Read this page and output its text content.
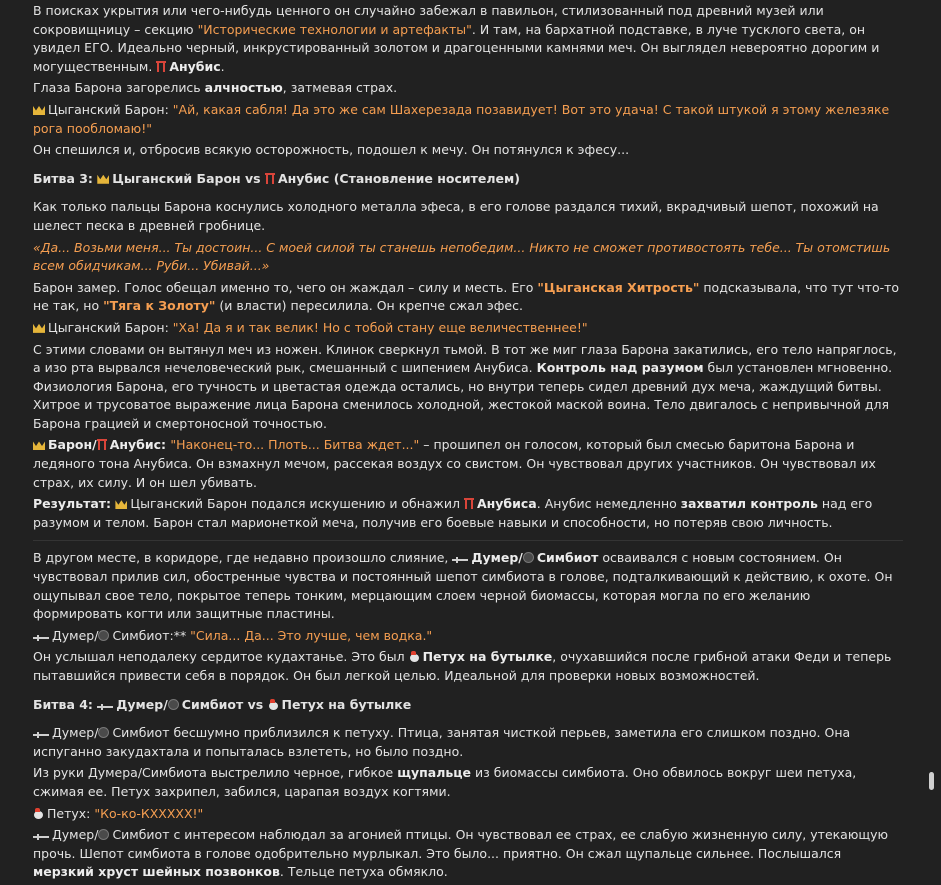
В поисках укрытия или чего-нибудь ценного он случайно забежал в павильон, стилизованный под древний музей или сокровищницу – секцию "Исторические технологии и артефакты". И там, на бархатной подставке, в луче тусклого света, он увидел ЕГО. Идеально черный, инкрустированный золотом и драгоценными камнями меч. Он выглядел невероятно дорогим и могущественным. Анубис.

Глаза Барона загорелись алчностью, затмевая страх.

Цыганский Барон: "Ай, какая сабля! Да это же сам Шахерезада позавидует! Вот это удача! С такой штукой я этому железяке рога пообломаю!"

Он спешился и, отбросив всякую осторожность, подошел к мечу. Он потянулся к эфесу...

Битва 3: Цыганский Барон vs Анубис (Становление носителем)

Как только пальцы Барона коснулись холодного металла эфеса, в его голове раздался тихий, вкрадчивый шепот, похожий на шелест песка в древней гробнице.

«Да... Возьми меня... Ты достоин... С моей силой ты станешь непобедим... Никто не сможет противостоять тебе... Ты отомстишь всем обидчикам... Руби... Убивай...»

Барон замер. Голос обещал именно то, чего он жаждал – силу и месть. Его "Цыганская Хитрость" подсказывала, что тут что-то не так, но "Тяга к Золоту" (и власти) пересилила. Он крепче сжал эфес.

Цыганский Барон: "Ха! Да я и так велик! Но с тобой стану еще величественнее!"

С этими словами он вытянул меч из ножен. Клинок сверкнул тьмой. В тот же миг глаза Барона закатились, его тело напряглось, а изо рта вырвался нечеловеческий рык, смешанный с шипением Анубиса. Контроль над разумом был установлен мгновенно. Физиология Барона, его тучность и цветастая одежда остались, но внутри теперь сидел древний дух меча, жаждущий битвы. Хитрое и трусоватое выражение лица Барона сменилось холодной, жестокой маской воина. Тело двигалось с непривычной для Барона грацией и смертоносной точностью.

Барон/ Анубис: "Наконец-то... Плоть... Битва ждет..." – прошипел он голосом, который был смесью баритона Барона и ледяного тона Анубиса. Он взмахнул мечом, рассекая воздух со свистом. Он чувствовал других участников. Он чувствовал их страх, их силу. И он шел убивать.

Результат: Цыганский Барон подался искушению и обнажил Анубиса. Анубис немедленно захватил контроль над его разумом и телом. Барон стал марионеткой меча, получив его боевые навыки и способности, но потеряв свою личность.

В другом месте, в коридоре, где недавно произошло слияние, Думер/ Симбиот осваивался с новым состоянием. Он чувствовал прилив сил, обостренные чувства и постоянный шепот симбиота в голове, подталкивающий к действию, к охоте. Он ощупывал свое тело, покрытое теперь тонким, мерцающим слоем черной биомассы, которая могла по его желанию формировать когти или защитные пластины.

Думер/ Симбиот:** "Сила... Да... Это лучше, чем водка."

Он услышал неподалеку сердитое кудахтанье. Это был Петух на бутылке, очухавшийся после грибной атаки Феди и теперь пытавшийся привести себя в порядок. Он был легкой целью. Идеальной для проверки новых возможностей.

Битва 4: Думер/ Симбиот vs Петух на бутылке

Думер/ Симбиот бесшумно приблизился к петуху. Птица, занятая чисткой перьев, заметила его слишком поздно. Она испуганно закудахтала и попыталась взлететь, но было поздно.

Из руки Думера/Симбиота выстрелило черное, гибкое щупальце из биомассы симбиота. Оно обвилось вокруг шеи петуха, сжимая ее. Петух захрипел, забился, царапая воздух когтями.

Петух: "Ко-ко-КХХХХХ!"

Думер/ Симбиот с интересом наблюдал за агонией птицы. Он чувствовал ее страх, ее слабую жизненную силу, утекающую прочь. Шепот симбиота в голове одобрительно мурлыкал. Это было... приятно. Он сжал щупальце сильнее. Послышался мерзкий хруст шейных позвонков. Тельце петуха обмякло.
